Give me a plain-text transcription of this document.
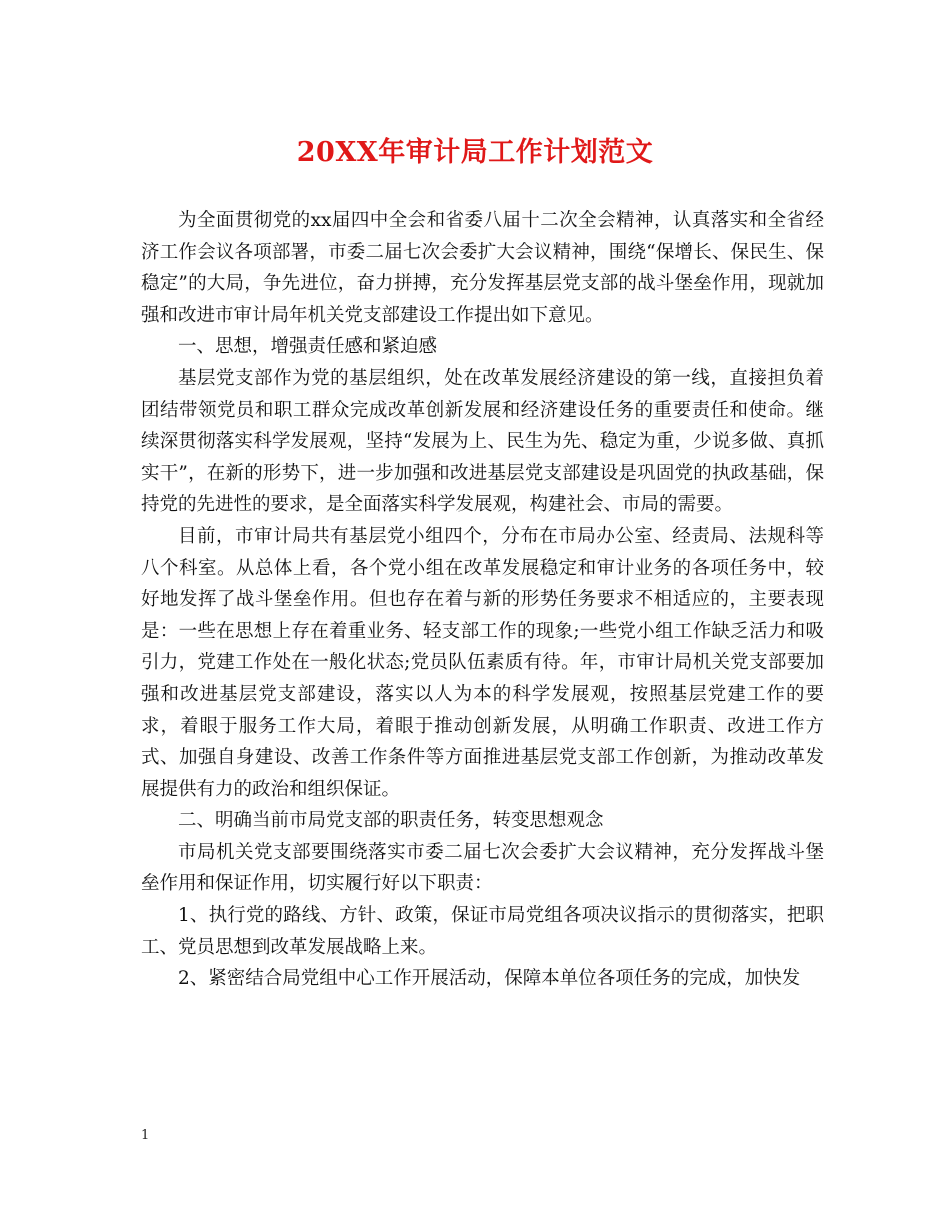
20XX年审计局工作计划范文

为全面贯彻党的xx届四中全会和省委八届十二次全会精神，认真落实和全省经济工作会议各项部署，市委二届七次会委扩大会议精神，围绕“保增长、保民生、保稳定”的大局，争先进位，奋力拼搏，充分发挥基层党支部的战斗堡垒作用，现就加强和改进市审计局年机关党支部建设工作提出如下意见。

一、思想，增强责任感和紧迫感

基层党支部作为党的基层组织，处在改革发展经济建设的第一线，直接担负着团结带领党员和职工群众完成改革创新发展和经济建设任务的重要责任和使命。继续深贯彻落实科学发展观，坚持“发展为上、民生为先、稳定为重，少说多做、真抓实干”，在新的形势下，进一步加强和改进基层党支部建设是巩固党的执政基础，保持党的先进性的要求，是全面落实科学发展观，构建社会、市局的需要。

目前，市审计局共有基层党小组四个，分布在市局办公室、经责局、法规科等八个科室。从总体上看，各个党小组在改革发展稳定和审计业务的各项任务中，较好地发挥了战斗堡垒作用。但也存在着与新的形势任务要求不相适应的，主要表现是：一些在思想上存在着重业务、轻支部工作的现象;一些党小组工作缺乏活力和吸引力，党建工作处在一般化状态;党员队伍素质有待。年，市审计局机关党支部要加强和改进基层党支部建设，落实以人为本的科学发展观，按照基层党建工作的要求，着眼于服务工作大局，着眼于推动创新发展，从明确工作职责、改进工作方式、加强自身建设、改善工作条件等方面推进基层党支部工作创新，为推动改革发展提供有力的政治和组织保证。

二、明确当前市局党支部的职责任务，转变思想观念

市局机关党支部要围绕落实市委二届七次会委扩大会议精神，充分发挥战斗堡垒作用和保证作用，切实履行好以下职责：

1、执行党的路线、方针、政策，保证市局党组各项决议指示的贯彻落实，把职工、党员思想到改革发展战略上来。

2、紧密结合局党组中心工作开展活动，保障本单位各项任务的完成，加快发

1
